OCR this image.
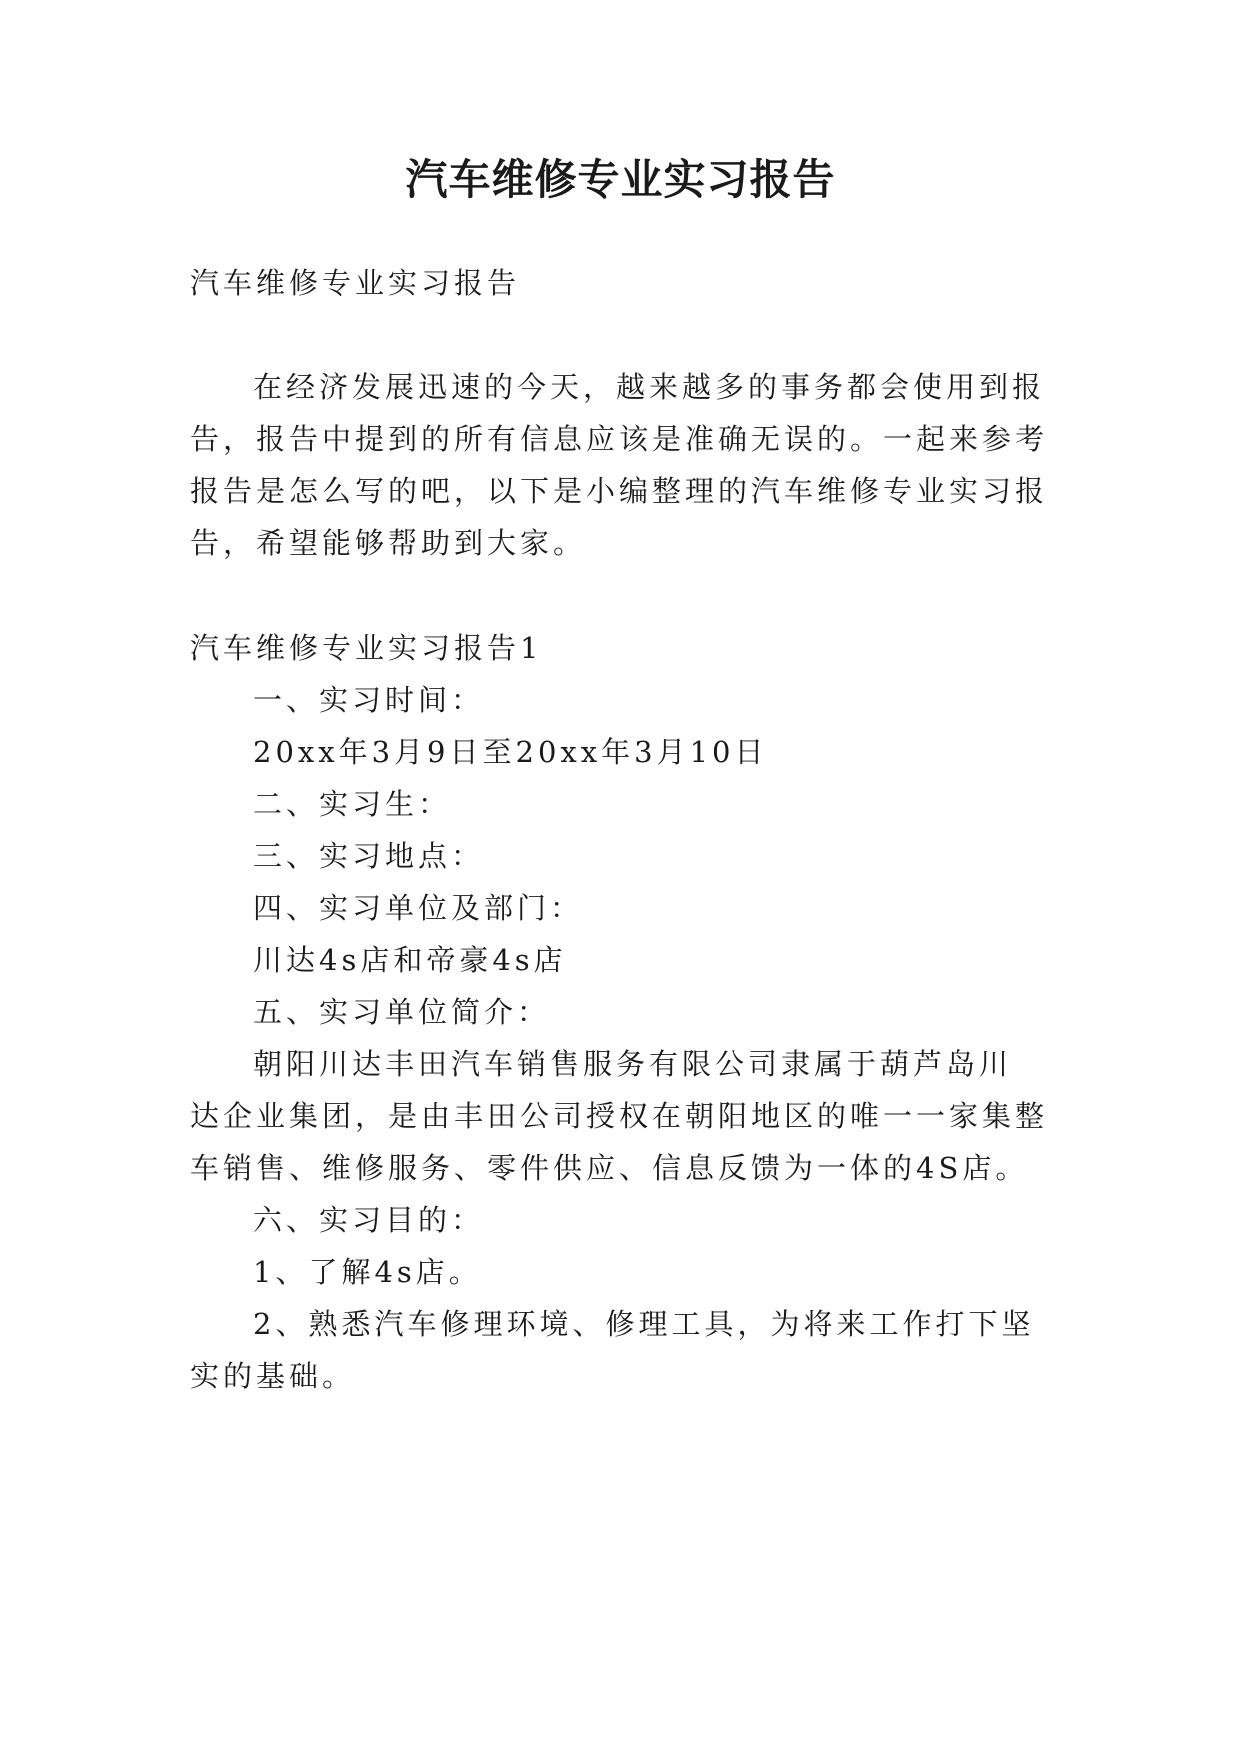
汽车维修专业实习报告
汽车维修专业实习报告
在经济发展迅速的今天，越来越多的事务都会使用到报
告，报告中提到的所有信息应该是准确无误的。一起来参考
报告是怎么写的吧，以下是小编整理的汽车维修专业实习报
告，希望能够帮助到大家。
汽车维修专业实习报告1
一、实习时间：
20xx年3月9日至20xx年3月10日
二、实习生：
三、实习地点：
四、实习单位及部门：
川达4s店和帝豪4s店
五、实习单位简介：
朝阳川达丰田汽车销售服务有限公司隶属于葫芦岛川
达企业集团，是由丰田公司授权在朝阳地区的唯一一家集整
车销售、维修服务、零件供应、信息反馈为一体的4S店。
六、实习目的：
1、了解4s店。
2、熟悉汽车修理环境、修理工具，为将来工作打下坚
实的基础。
